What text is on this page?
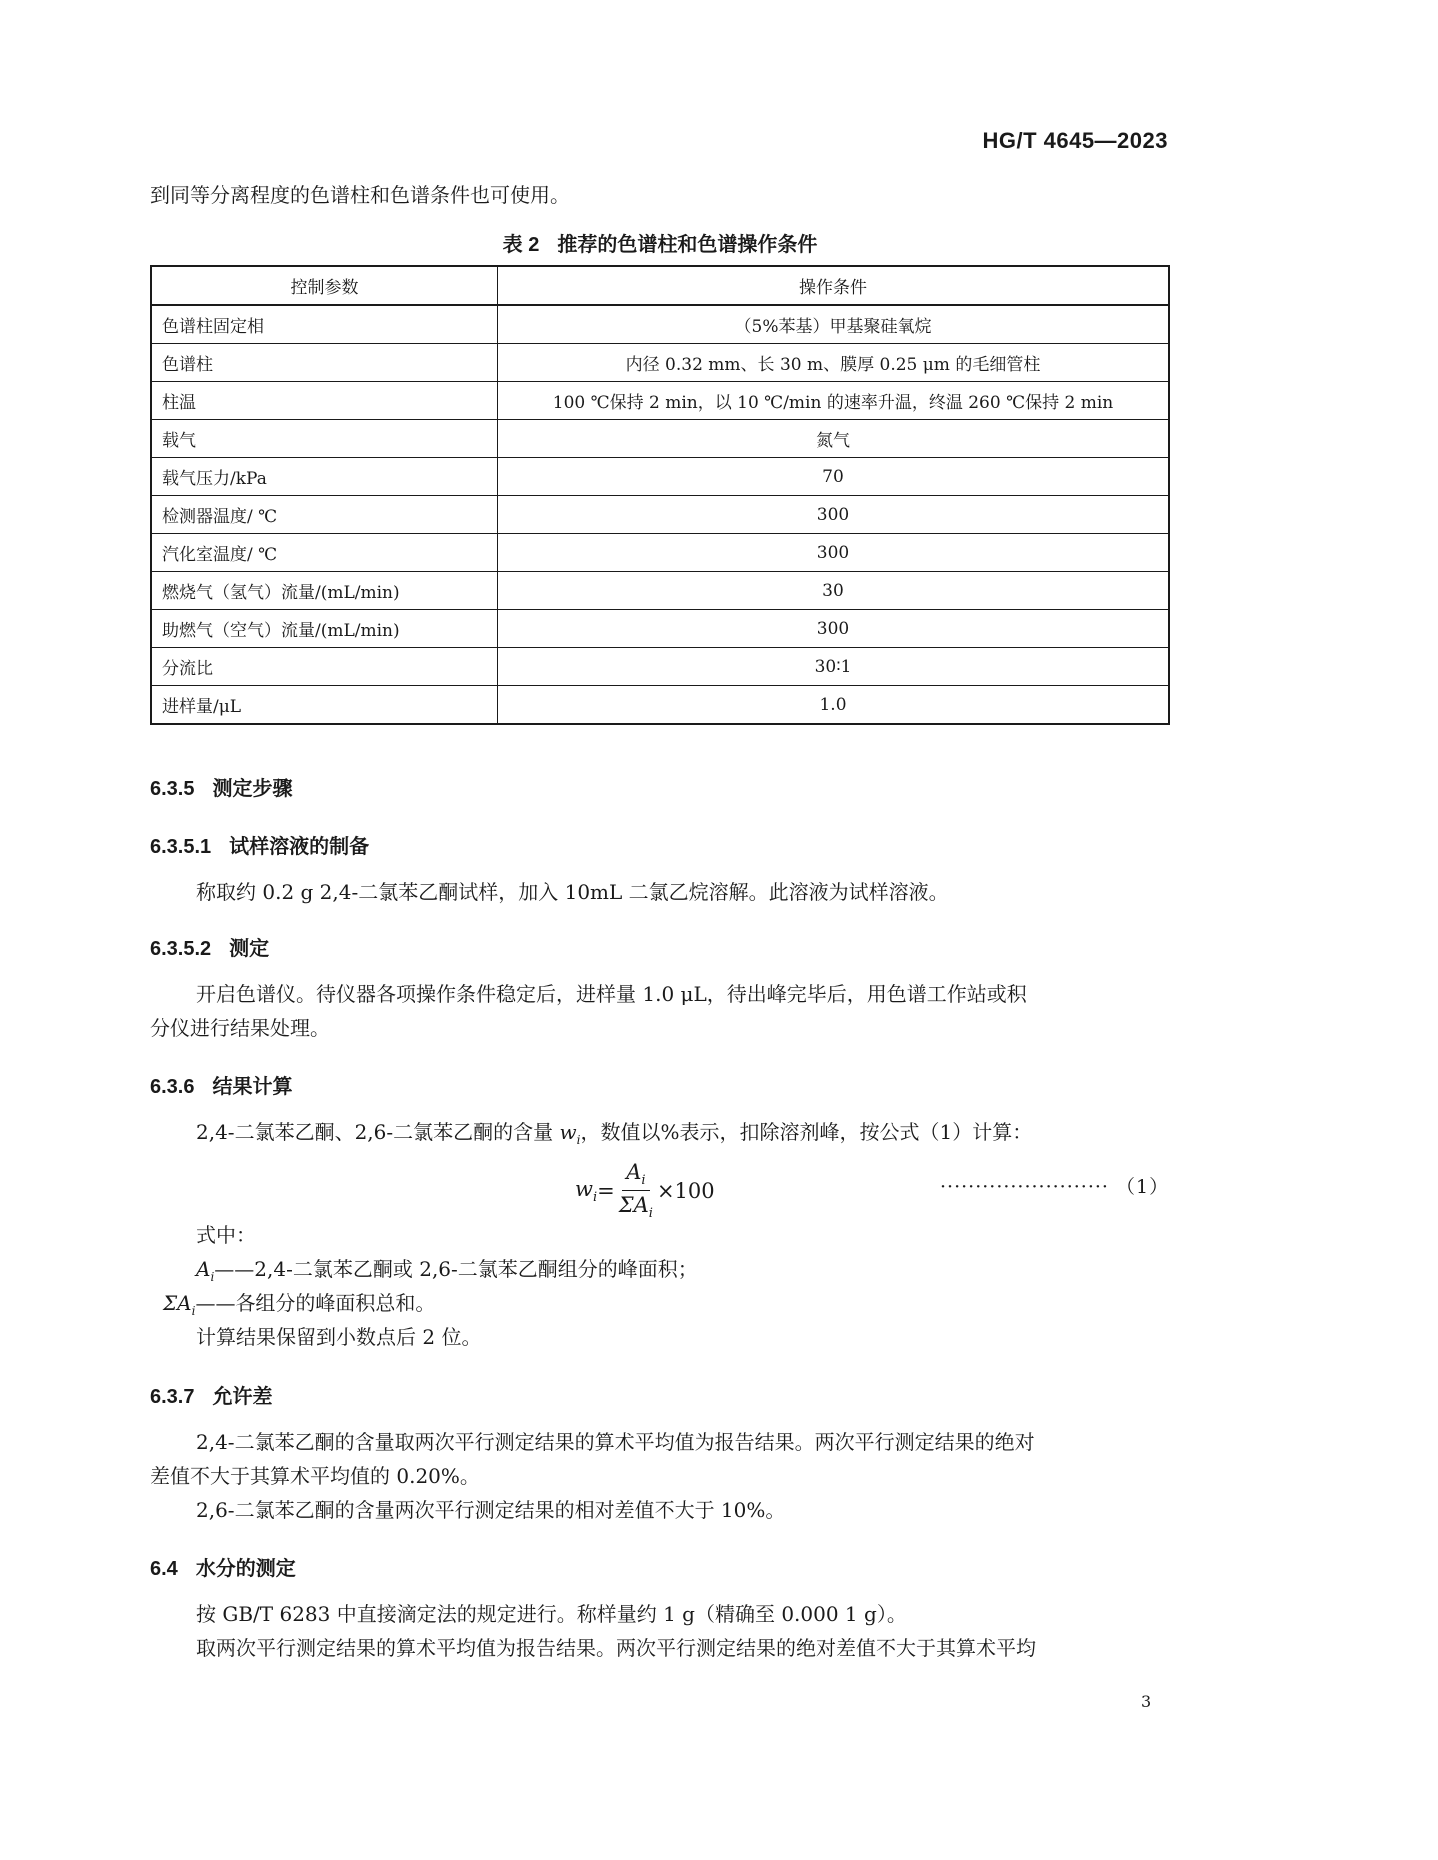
HG/T 4645—2023
到同等分离程度的色谱柱和色谱条件也可使用。
表 2 推荐的色谱柱和色谱操作条件
控制参数	操作条件
色谱柱固定相	（5%苯基）甲基聚硅氧烷
色谱柱	内径 0.32 mm、长 30 m、膜厚 0.25 μm 的毛细管柱
柱温	100 ℃保持 2 min，以 10 ℃/min 的速率升温，终温 260 ℃保持 2 min
载气	氮气
载气压力/kPa	70
检测器温度/ ℃	300
汽化室温度/ ℃	300
燃烧气（氢气）流量/(mL/min)	30
助燃气（空气）流量/(mL/min)	300
分流比	30∶1
进样量/μL	1.0
6.3.5 测定步骤
6.3.5.1 试样溶液的制备
称取约 0.2 g 2,4-二氯苯乙酮试样，加入 10mL 二氯乙烷溶解。此溶液为试样溶液。
6.3.5.2 测定
开启色谱仪。待仪器各项操作条件稳定后，进样量 1.0 μL，待出峰完毕后，用色谱工作站或积
分仪进行结果处理。
6.3.6 结果计算
2,4-二氯苯乙酮、2,6-二氯苯乙酮的含量 $w_i$，数值以%表示，扣除溶剂峰，按公式（1）计算：
$w_i = \frac{A_i}{\Sigma A_i} \times 100$	························ （1）
式中：
$A_i——2,4-$二氯苯乙酮或 2,6-二氯苯乙酮组分的峰面积；
$\Sigma A_i——$各组分的峰面积总和。
计算结果保留到小数点后 2 位。
6.3.7 允许差
2,4-二氯苯乙酮的含量取两次平行测定结果的算术平均值为报告结果。两次平行测定结果的绝对
差值不大于其算术平均值的 0.20%。
2,6-二氯苯乙酮的含量两次平行测定结果的相对差值不大于 10%。
6.4 水分的测定
按 GB/T 6283 中直接滴定法的规定进行。称样量约 1 g（精确至 0.000 1 g）。
取两次平行测定结果的算术平均值为报告结果。两次平行测定结果的绝对差值不大于其算术平均
3
